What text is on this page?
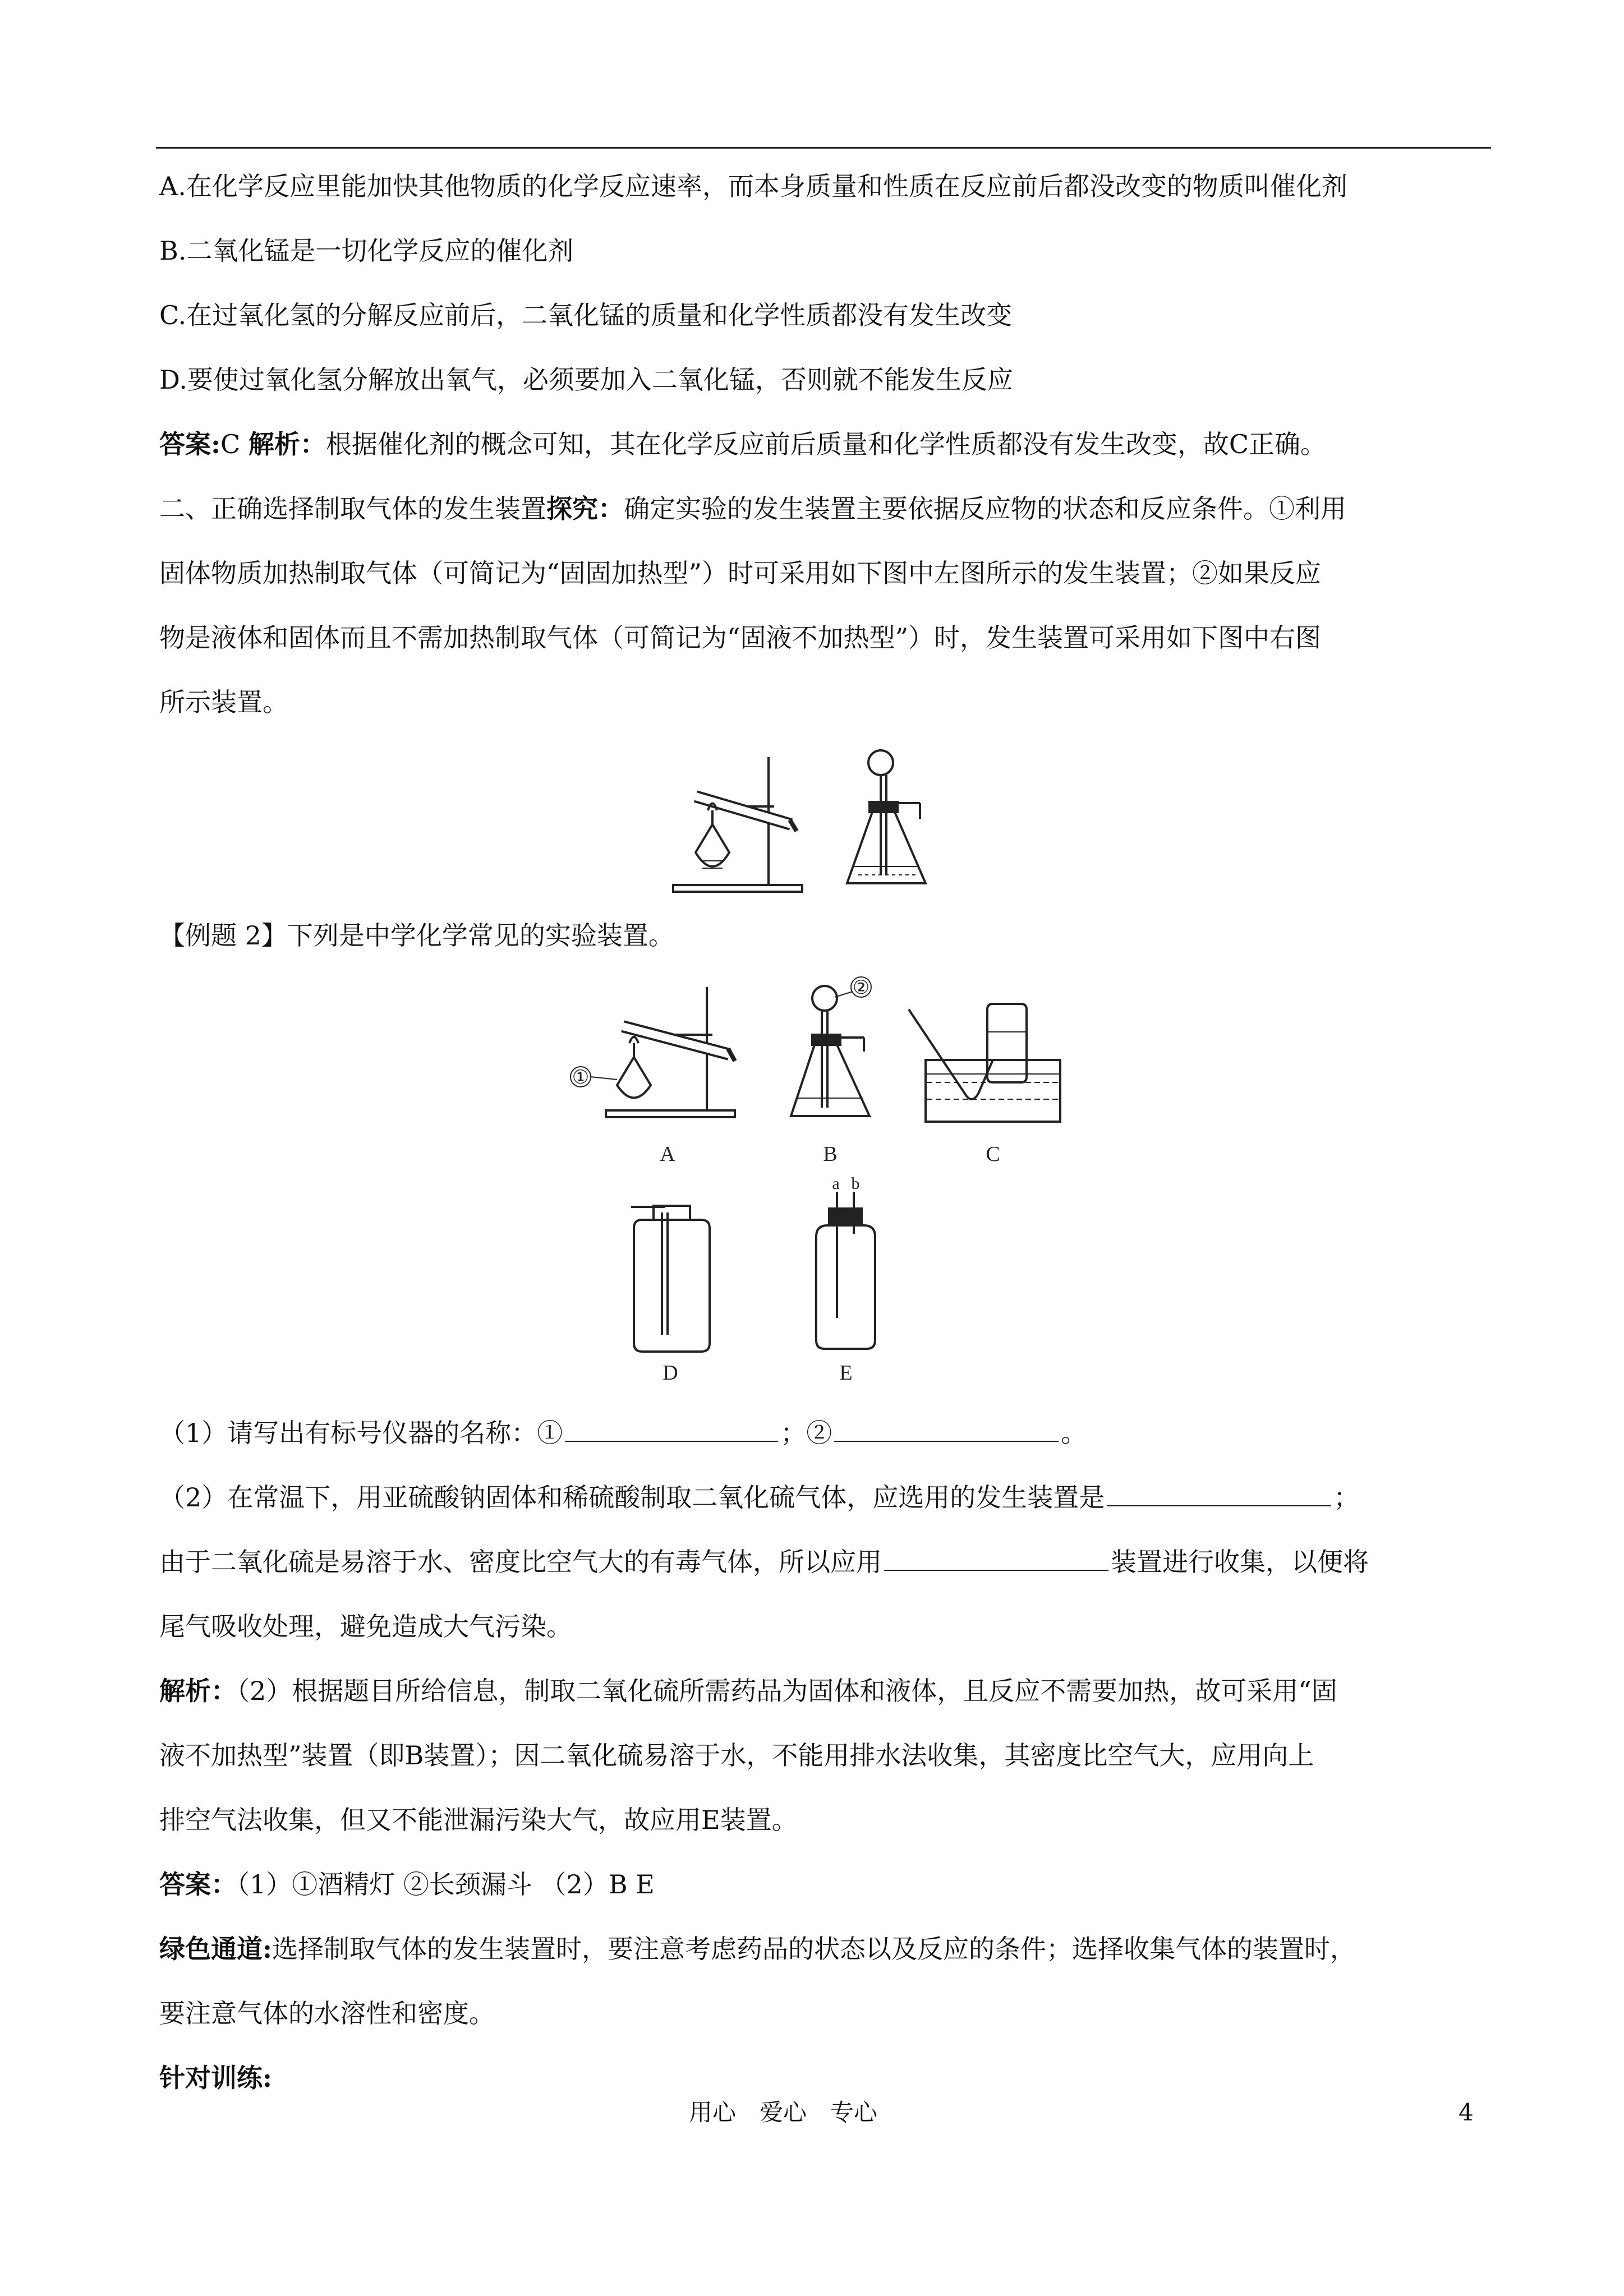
A.在化学反应里能加快其他物质的化学反应速率，而本身质量和性质在反应前后都没改变的物质叫催化剂
B.二氧化锰是一切化学反应的催化剂
C.在过氧化氢的分解反应前后，二氧化锰的质量和化学性质都没有发生改变
D.要使过氧化氢分解放出氧气，必须要加入二氧化锰，否则就不能发生反应
答案:C 解析：根据催化剂的概念可知，其在化学反应前后质量和化学性质都没有发生改变，故C正确。
二、正确选择制取气体的发生装置探究：确定实验的发生装置主要依据反应物的状态和反应条件。①利用
固体物质加热制取气体（可简记为“固固加热型”）时可采用如下图中左图所示的发生装置；②如果反应
物是液体和固体而且不需加热制取气体（可简记为“固液不加热型”）时，发生装置可采用如下图中右图
所示装置。
【例题 2】下列是中学化学常见的实验装置。
①
A
②
B	C
D
a b
E
（1）请写出有标号仪器的名称：①	；②	。
（2）在常温下，用亚硫酸钠固体和稀硫酸制取二氧化硫气体，应选用的发生装置是	；
由于二氧化硫是易溶于水、密度比空气大的有毒气体，所以应用	装置进行收集，以便将
尾气吸收处理，避免造成大气污染。
解析：（2）根据题目所给信息，制取二氧化硫所需药品为固体和液体，且反应不需要加热，故可采用“固
液不加热型”装置（即B装置）；因二氧化硫易溶于水，不能用排水法收集，其密度比空气大，应用向上
排空气法收集，但又不能泄漏污染大气，故应用E装置。
答案：（1）①酒精灯 ②长颈漏斗 （2）B E
绿色通道:选择制取气体的发生装置时，要注意考虑药品的状态以及反应的条件；选择收集气体的装置时，
要注意气体的水溶性和密度。
针对训练:
用心　爱心　专心	4
